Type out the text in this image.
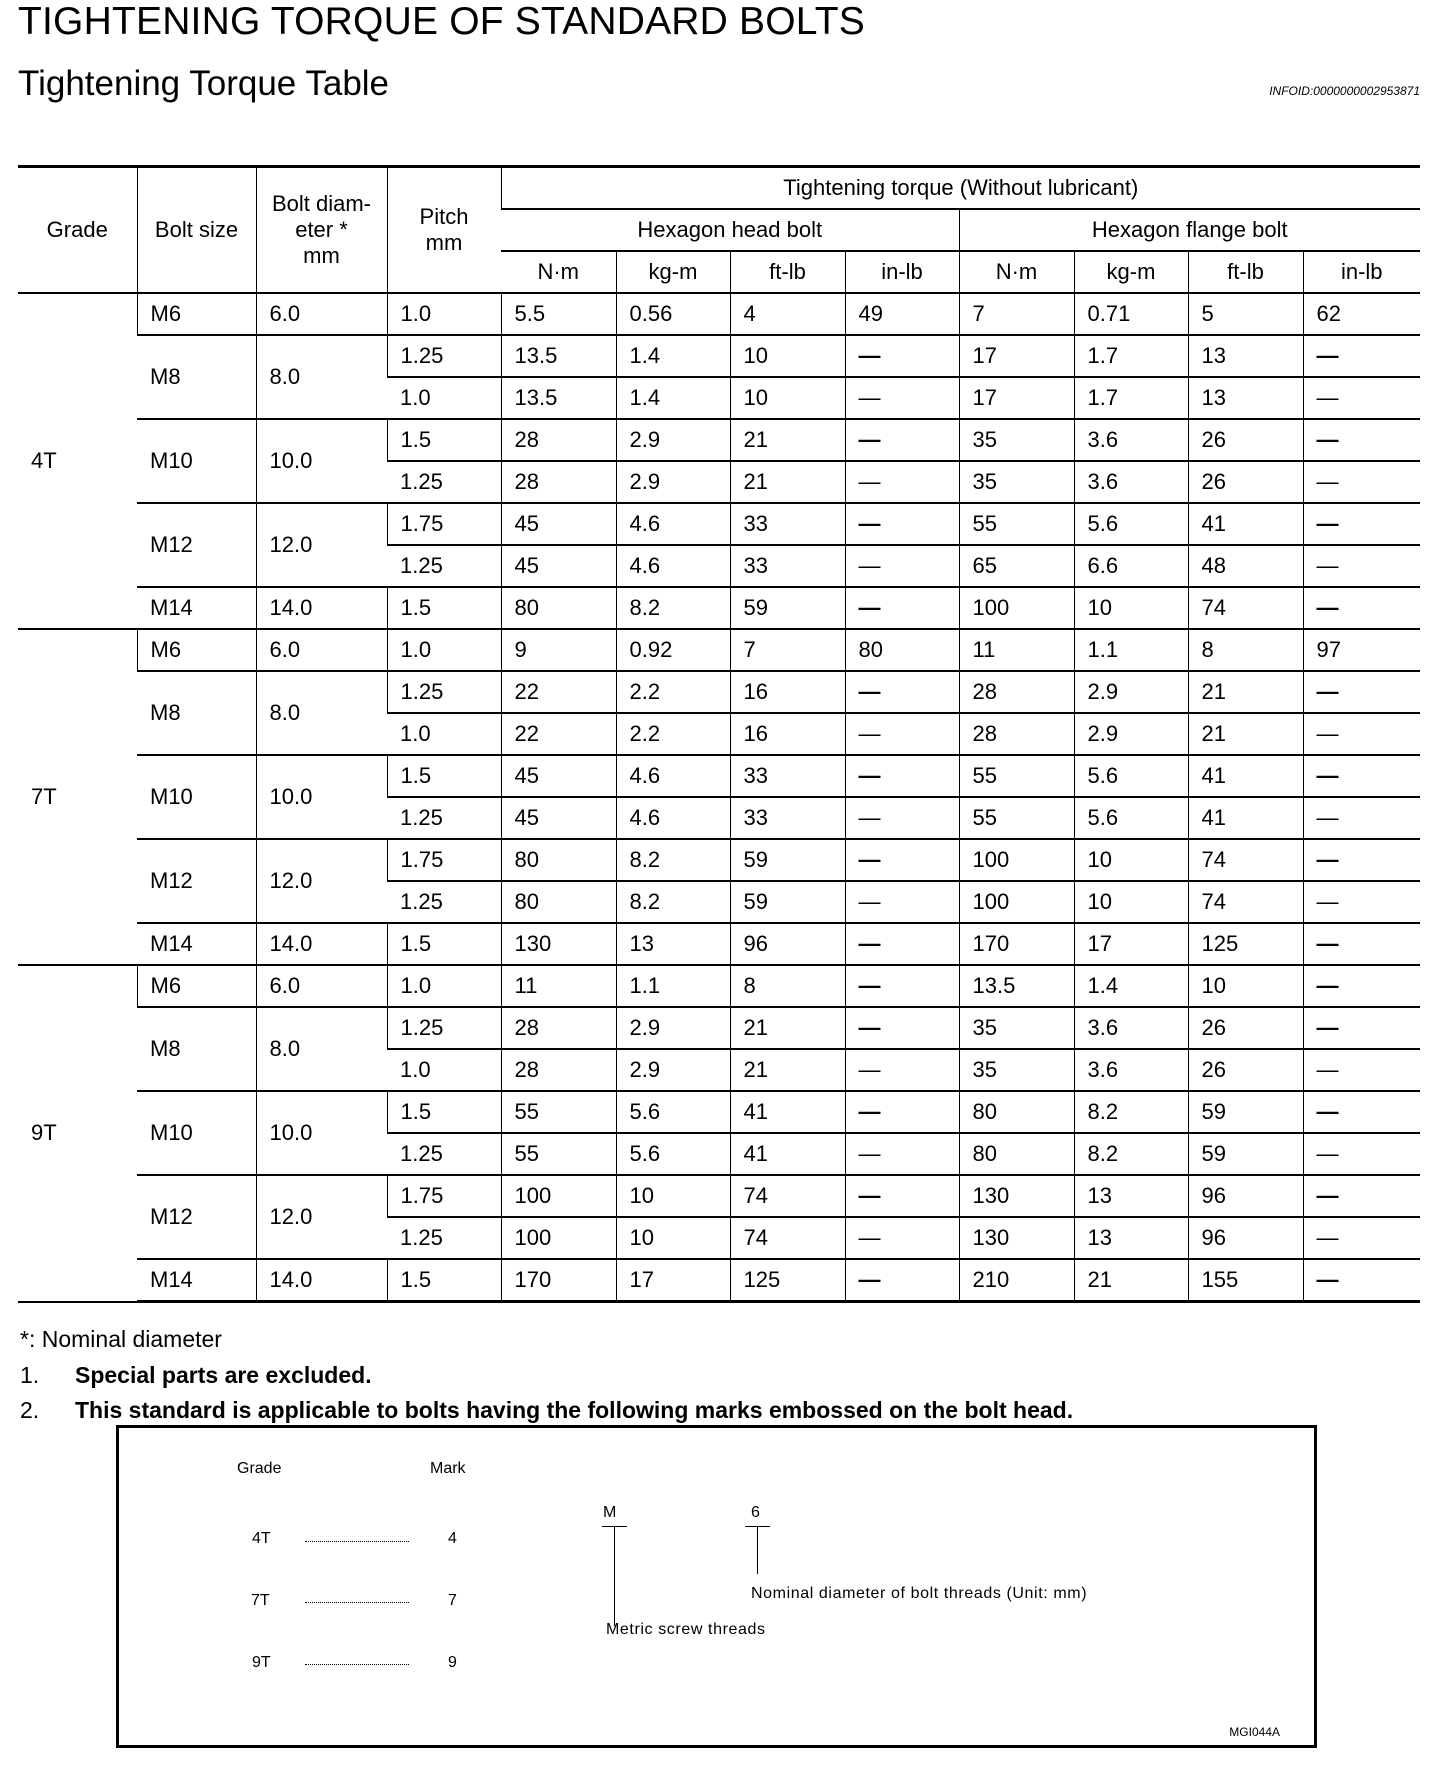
TIGHTENING TORQUE OF STANDARD BOLTS
Tightening Torque Table	INFOID:0000000002953871
Grade	Bolt size	Bolt diam-
eter *
mm	Pitch
mm	Tightening torque (Without lubricant)							
				Hexagon head bolt				Hexagon flange bolt			
				N·m	kg-m	ft-lb	in-lb	N·m	kg-m	ft-lb	in-lb
4T	M6	6.0	1.0	5.5	0.56	4	49	7	0.71	5	62
	M8	8.0	1.25	13.5	1.4	10	—	17	1.7	13	—
			1.0	13.5	1.4	10	—	17	1.7	13	—
	M10	10.0	1.5	28	2.9	21	—	35	3.6	26	—
			1.25	28	2.9	21	—	35	3.6	26	—
	M12	12.0	1.75	45	4.6	33	—	55	5.6	41	—
			1.25	45	4.6	33	—	65	6.6	48	—
	M14	14.0	1.5	80	8.2	59	—	100	10	74	—
7T	M6	6.0	1.0	9	0.92	7	80	11	1.1	8	97
	M8	8.0	1.25	22	2.2	16	—	28	2.9	21	—
			1.0	22	2.2	16	—	28	2.9	21	—
	M10	10.0	1.5	45	4.6	33	—	55	5.6	41	—
			1.25	45	4.6	33	—	55	5.6	41	—
	M12	12.0	1.75	80	8.2	59	—	100	10	74	—
			1.25	80	8.2	59	—	100	10	74	—
	M14	14.0	1.5	130	13	96	—	170	17	125	—
9T	M6	6.0	1.0	11	1.1	8	—	13.5	1.4	10	—
	M8	8.0	1.25	28	2.9	21	—	35	3.6	26	—
			1.0	28	2.9	21	—	35	3.6	26	—
	M10	10.0	1.5	55	5.6	41	—	80	8.2	59	—
			1.25	55	5.6	41	—	80	8.2	59	—
	M12	12.0	1.75	100	10	74	—	130	13	96	—
			1.25	100	10	74	—	130	13	96	—
	M14	14.0	1.5	170	17	125	—	210	21	155	—
*: Nominal diameter
1. Special parts are excluded.
2. This standard is applicable to bolts having the following marks embossed on the bolt head.
Grade	Mark
4T	4
7T	7
9T	9
M	6
Nominal diameter of bolt threads (Unit: mm)
Metric screw threads
MGI044A
